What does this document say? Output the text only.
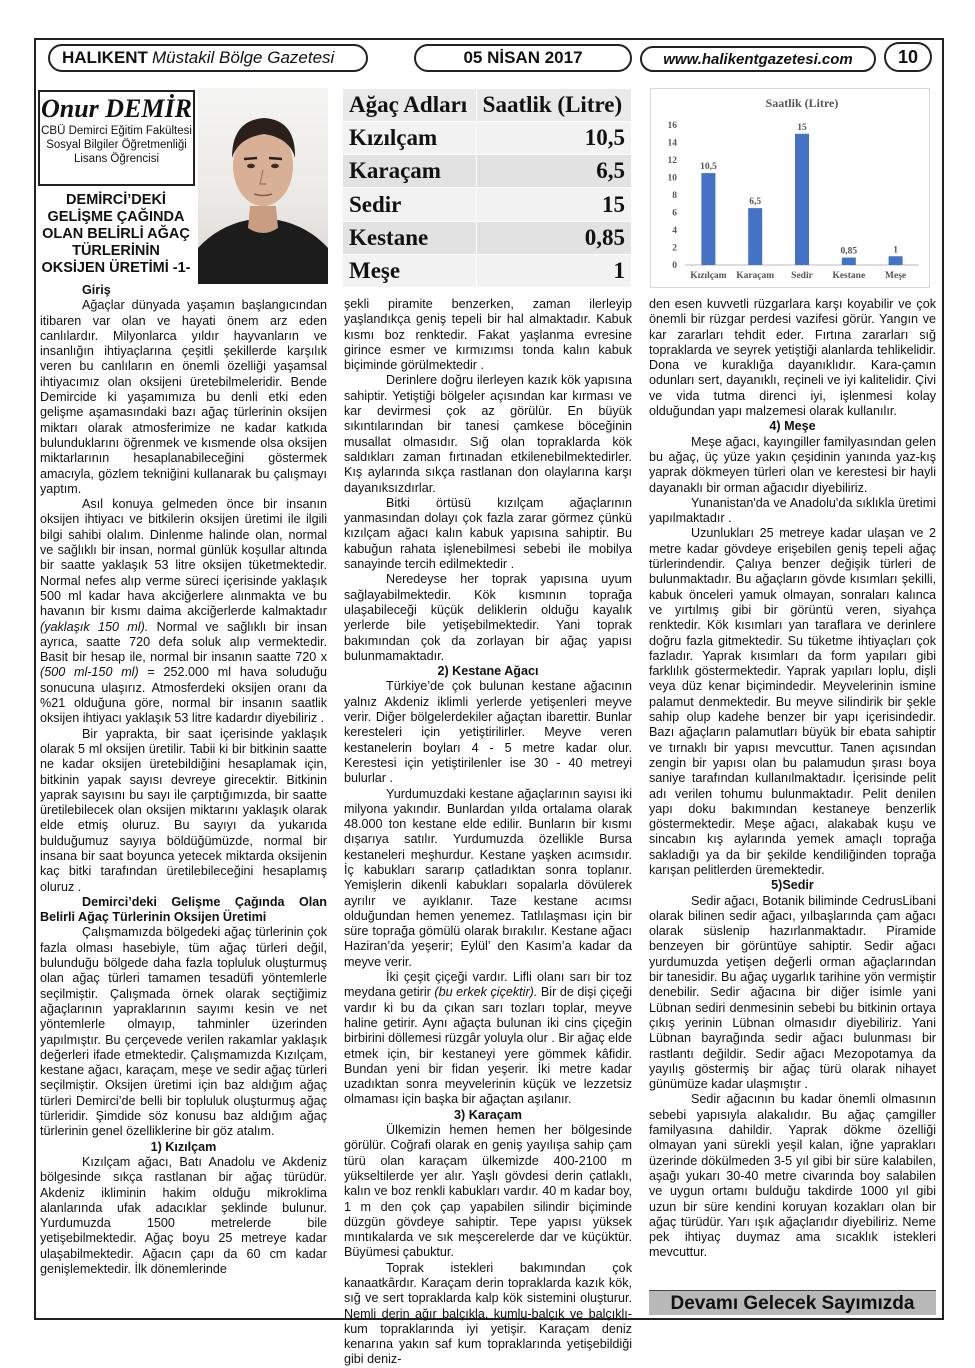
HALIKENT Müstakil Bölge Gazetesi	05 NİSAN 2017	www.halikentgazetesi.com	10
Onur DEMİR
CBÜ Demirci Eğitim Fakültesi
Sosyal Bilgiler Öğretmenliği
Lisans Öğrencisi
DEMİRCİ’DEKİ
GELİŞME ÇAĞINDA
OLAN BELİRLİ AĞAÇ
TÜRLERİNİN
OKSİJEN ÜRETİMİ -1-
Ağaç Adları	Saatlik (Litre)
Kızılçam	10,5
Karaçam	6,5
Sedir	15
Kestane	0,85
Meşe	1
Saatlik (Litre)
0
2
4
6
8
10
12
14
16
10,5
Kızılçam
6,5
Karaçam
15
Sedir
0,85
Kestane
1
Meşe

Giriş

Ağaçlar dünyada yaşamın başlangıcından itibaren var olan ve hayati önem arz eden canlılardır. Milyonlarca yıldır hayvanların ve insanlığın ihtiyaçlarına çeşitli şekillerde karşılık veren bu canlıların en önemli özelliği yaşamsal ihtiyacımız olan oksijeni üretebilmeleridir. Bende Demircide ki yaşamımıza bu denli etki eden gelişme aşamasındaki bazı ağaç türlerinin oksijen miktarı olarak atmosferimize ne kadar katkıda bulunduklarını öğrenmek ve kısmende olsa oksijen miktarlarının hesaplanabileceğini göstermek amacıyla, gözlem tekniğini kullanarak bu çalışmayı yaptım.

Asıl konuya gelmeden önce bir insanın oksijen ihtiyacı ve bitkilerin oksijen üretimi ile ilgili bilgi sahibi olalım. Dinlenme halinde olan, normal ve sağlıklı bir insan, normal günlük koşullar altında bir saatte yaklaşık 53 litre oksijen tüketmektedir. Normal nefes alıp verme süreci içerisinde yaklaşık 500 ml kadar hava akciğerlere alınmakta ve bu havanın bir kısmı daima akciğerlerde kalmaktadır (yaklaşık 150 ml). Normal ve sağlıklı bir insan ayrıca, saatte 720 defa soluk alıp vermektedir. Basit bir hesap ile, normal bir insanın saatte 720 x (500 ml-150 ml) = 252.000 ml hava soluduğu sonucuna ulaşırız. Atmosferdeki oksijen oranı da %21 olduğuna göre, normal bir insanın saatlik oksijen ihtiyacı yaklaşık 53 litre kadardır diyebiliriz .

Bir yaprakta, bir saat içerisinde yaklaşık olarak 5 ml oksijen üretilir. Tabii ki bir bitkinin saatte ne kadar oksijen üretebildiğini hesaplamak için, bitkinin yapak sayısı devreye girecektir. Bitkinin yaprak sayısını bu sayı ile çarptığımızda, bir saatte üretilebilecek olan oksijen miktarını yaklaşık olarak elde etmiş oluruz. Bu sayıyı da yukarıda bulduğumuz sayıya böldüğümüzde, normal bir insana bir saat boyunca yetecek miktarda oksijenin kaç bitki tarafından üretilebileceğini hesaplamış oluruz .

Demirci’deki Gelişme Çağında Olan Belirli Ağaç Türlerinin Oksijen Üretimi

Çalışmamızda bölgedeki ağaç türlerinin çok fazla olması hasebiyle, tüm ağaç türleri değil, bulunduğu bölgede daha fazla topluluk oluşturmuş olan ağaç türleri tamamen tesadüfi yöntemlerle seçilmiştir. Çalışmada örnek olarak seçtiğimiz ağaçlarının yapraklarının sayımı kesin ve net yöntemlerle olmayıp, tahminler üzerinden yapılmıştır. Bu çerçevede verilen rakamlar yaklaşık değerleri ifade etmektedir. Çalışmamızda Kızılçam, kestane ağacı, karaçam, meşe ve sedir ağaç türleri seçilmiştir. Oksijen üretimi için baz aldığım ağaç türleri Demirci’de belli bir topluluk oluşturmuş ağaç türleridir. Şimdide söz konusu baz aldığım ağaç türlerinin genel özelliklerine bir göz atalım.

1) Kızılçam

Kızılçam ağacı, Batı Anadolu ve Akdeniz bölgesinde sıkça rastlanan bir ağaç türüdür. Akdeniz ikliminin hakim olduğu mikroklima alanlarında ufak adacıklar şeklinde bulunur. Yurdumuzda 1500 metrelerde bile yetişebilmektedir. Ağaç boyu 25 metreye kadar ulaşabilmektedir. Ağacın çapı da 60 cm kadar genişlemektedir. İlk dönemlerinde

şekli piramite benzerken, zaman ilerleyip yaşlandıkça geniş tepeli bir hal almaktadır. Kabuk kısmı boz renktedir. Fakat yaşlanma evresine girince esmer ve kırmızımsı tonda kalın kabuk biçiminde görülmektedir .

Derinlere doğru ilerleyen kazık kök yapısına sahiptir. Yetiştiği bölgeler açısından kar kırması ve kar devirmesi çok az görülür. En büyük sıkıntılarından bir tanesi çamkese böceğinin musallat olmasıdır. Sığ olan topraklarda kök saldıkları zaman fırtınadan etkilenebilmektedirler. Kış aylarında sıkça rastlanan don olaylarına karşı dayanıksızdırlar.

Bitki örtüsü kızılçam ağaçlarının yanmasından dolayı çok fazla zarar görmez çünkü kızılçam ağacı kalın kabuk yapısına sahiptir. Bu kabuğun rahata işlenebilmesi sebebi ile mobilya sanayinde tercih edilmektedir .

Neredeyse her toprak yapısına uyum sağlayabilmektedir. Kök kısmının toprağa ulaşabileceği küçük deliklerin olduğu kayalık yerlerde bile yetişebilmektedir. Yani toprak bakımından çok da zorlayan bir ağaç yapısı bulunmamaktadır.

2) Kestane Ağacı

Türkiye’de çok bulunan kestane ağacının yalnız Akdeniz iklimli yerlerde yetişenleri meyve verir. Diğer bölgelerdekiler ağaçtan ibarettir. Bunlar keresteleri için yetiştirilirler. Meyve veren kestanelerin boyları 4 - 5 metre kadar olur. Kerestesi için yetiştirilenler ise 30 - 40 metreyi bulurlar .

Yurdumuzdaki kestane ağaçlarının sayısı iki milyona yakındır. Bunlardan yılda ortalama olarak 48.000 ton kestane elde edilir. Bunların bir kısmı dışarıya satılır. Yurdumuzda özellikle Bursa kestaneleri meşhurdur. Kestane yaşken acımsıdır. İç kabukları sararıp çatladıktan sonra toplanır. Yemişlerin dikenli kabukları sopalarla dövülerek ayrılır ve ayıklanır. Taze kestane acımsı olduğundan hemen yenemez. Tatlılaşması için bir süre toprağa gömülü olarak bırakılır. Kestane ağacı Haziran’da yeşerir; Eylül’ den Kasım’a kadar da meyve verir.

İki çeşit çiçeği vardır. Lifli olanı sarı bir toz meydana getirir (bu erkek çiçektir). Bir de dişi çiçeği vardır ki bu da çıkan sarı tozları toplar, meyve haline getirir. Aynı ağaçta bulunan iki cins çiçeğin birbirini döllemesi rüzgâr yoluyla olur . Bir ağaç elde etmek için, bir kestaneyi yere gömmek kâfidir. Bundan yeni bir fidan yeşerir. İki metre kadar uzadıktan sonra meyvelerinin küçük ve lezzetsiz olmaması için başka bir ağaçtan aşılanır.

3) Karaçam

Ülkemizin hemen hemen her bölgesinde görülür. Coğrafi olarak en geniş yayılışa sahip çam türü olan karaçam ülkemizde 400-2100 m yükseltilerde yer alır. Yaşlı gövdesi derin çatlaklı, kalın ve boz renkli kabukları vardır. 40 m kadar boy, 1 m den çok çap yapabilen silindir biçiminde düzgün gövdeye sahiptir. Tepe yapısı yüksek mıntıkalarda ve sık meşcerelerde dar ve küçüktür. Büyümesi çabuktur.

Toprak istekleri bakımından çok kanaatkârdır. Karaçam derin topraklarda kazık kök, sığ ve sert topraklarda kalp kök sistemini oluşturur. Nemli derin ağır balçıkla, kumlu-balçık ve balçıklı-kum topraklarında iyi yetişir. Karaçam deniz kenarına yakın saf kum topraklarında yetişebildiği gibi deniz-

den esen kuvvetli rüzgarlara karşı koyabilir ve çok önemli bir rüzgar perdesi vazifesi görür. Yangın ve kar zararları tehdit eder. Fırtına zararları sığ topraklarda ve seyrek yetiştiği alanlarda tehlikelidir. Dona ve kuraklığa dayanıklıdır. Kara-çamın odunları sert, dayanıklı, reçineli ve iyi kalitelidir. Çivi ve vida tutma direnci iyi, işlenmesi kolay olduğundan yapı malzemesi olarak kullanılır.

4) Meşe

Meşe ağacı, kayıngiller familyasından gelen bu ağaç, üç yüze yakın çeşidinin yanında yaz-kış yaprak dökmeyen türleri olan ve kerestesi bir hayli dayanaklı bir orman ağacıdır diyebiliriz.

Yunanistan'da ve Anadolu'da sıklıkla üretimi yapılmaktadır .

Uzunlukları 25 metreye kadar ulaşan ve 2 metre kadar gövdeye erişebilen geniş tepeli ağaç türlerindendir. Çalıya benzer değişik türleri de bulunmaktadır. Bu ağaçların gövde kısımları şekilli, kabuk önceleri yamuk olmayan, sonraları kalınca ve yırtılmış gibi bir görüntü veren, siyahça renktedir. Kök kısımları yan taraflara ve derinlere doğru fazla gitmektedir. Su tüketme ihtiyaçları çok fazladır. Yaprak kısımları da form yapıları gibi farklılık göstermektedir. Yaprak yapıları loplu, dişli veya düz kenar biçimindedir. Meyvelerinin ismine palamut denmektedir. Bu meyve silindirik bir şekle sahip olup kadehe benzer bir yapı içerisindedir. Bazı ağaçların palamutları büyük bir ebata sahiptir ve tırnaklı bir yapısı mevcuttur. Tanen açısından zengin bir yapısı olan bu palamudun şırası boya saniye tarafından kullanılmaktadır. İçerisinde pelit adı verilen tohumu bulunmaktadır. Pelit denilen yapı doku bakımından kestaneye benzerlik göstermektedir. Meşe ağacı, alakabak kuşu ve sincabın kış aylarında yemek amaçlı toprağa sakladığı ya da bir şekilde kendiliğinden toprağa karışan pelitlerden üremektedir.

5)Sedir

Sedir ağacı, Botanik biliminde CedrusLibani olarak bilinen sedir ağacı, yılbaşlarında çam ağacı olarak süslenip hazırlanmaktadır. Piramide benzeyen bir görüntüye sahiptir. Sedir ağacı yurdumuzda yetişen değerli orman ağaçlarından bir tanesidir. Bu ağaç uygarlık tarihine yön vermiştir denebilir. Sedir ağacına bir diğer isimle yani Lübnan sediri denmesinin sebebi bu bitkinin ortaya çıkış yerinin Lübnan olmasıdır diyebiliriz. Yani Lübnan bayrağında sedir ağacı bulunması bir rastlantı değildir. Sedir ağacı Mezopotamya da yayılış göstermiş bir ağaç türü olarak nihayet günümüze kadar ulaşmıştır .

Sedir ağacının bu kadar önemli olmasının sebebi yapısıyla alakalıdır. Bu ağaç çamgiller familyasına dahildir. Yaprak dökme özelliği olmayan yani sürekli yeşil kalan, iğne yaprakları üzerinde dökülmeden 3-5 yıl gibi bir süre kalabilen, aşağı yukarı 30-40 metre civarında boy salabilen ve uygun ortamı bulduğu takdirde 1000 yıl gibi uzun bir süre kendini koruyan kozakları olan bir ağaç türüdür. Yarı ışık ağaçlarıdır diyebiliriz. Neme pek ihtiyaç duymaz ama sıcaklık istekleri mevcuttur.

Devamı Gelecek Sayımızda
